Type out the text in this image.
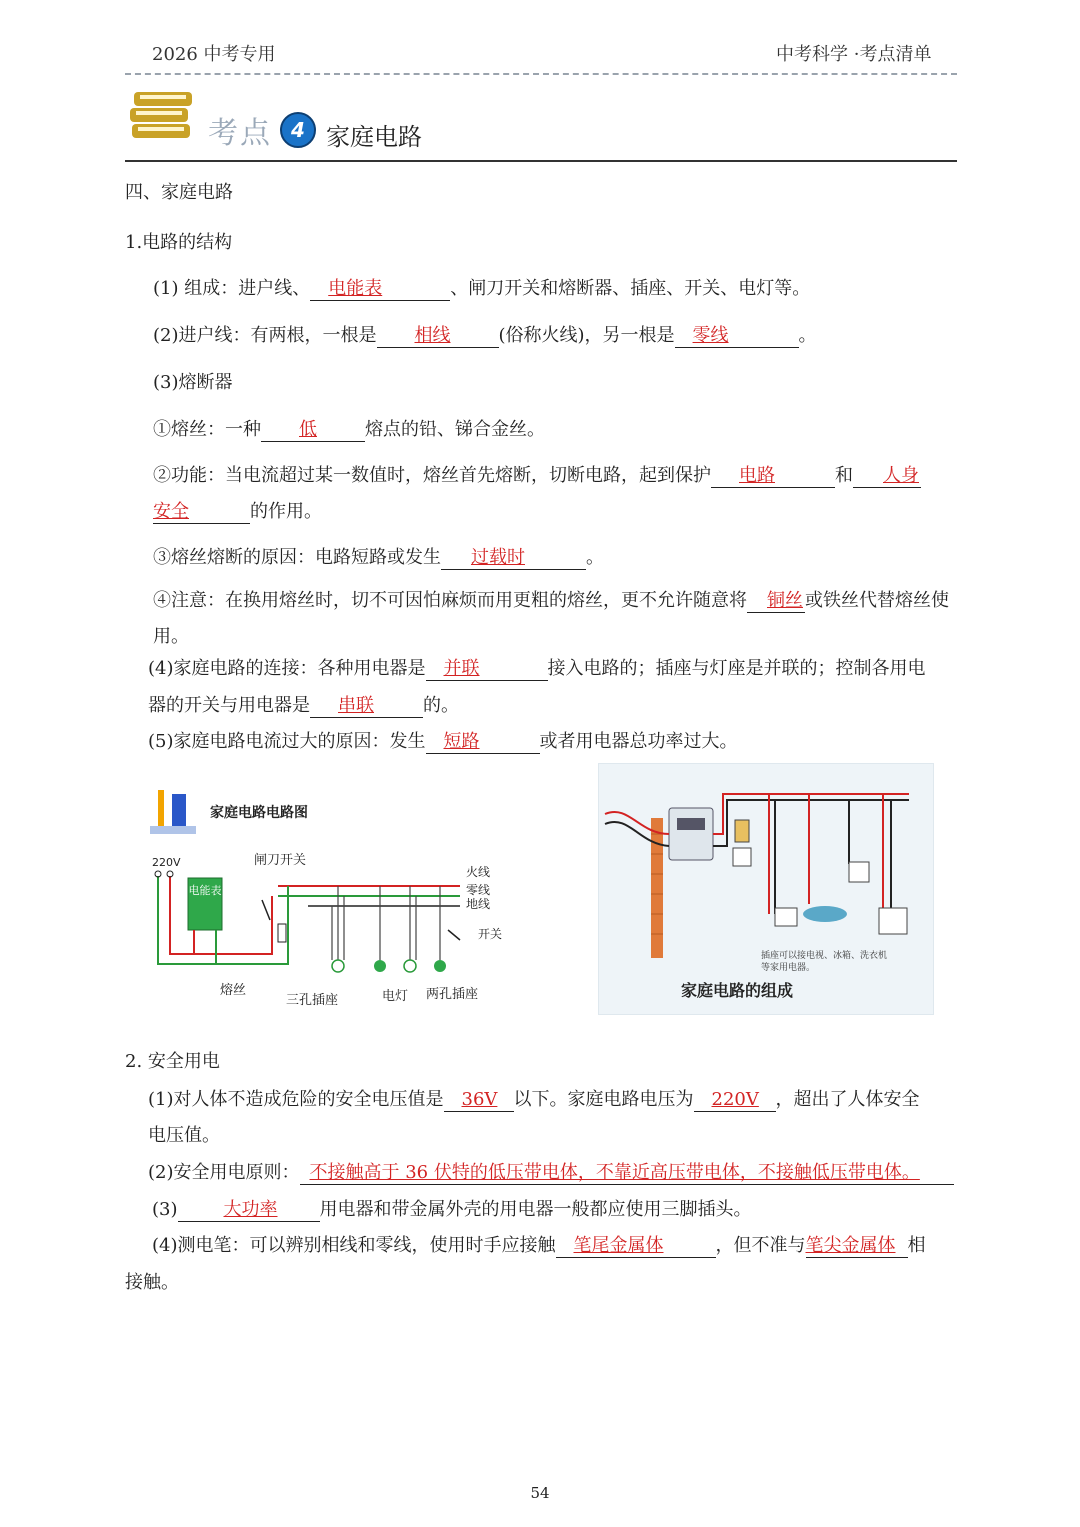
2026 中考专用	中考科学 ·考点清单
考点 4 家庭电路
四、家庭电路
1.电路的结构
(1) 组成：进户线、 电能表	、闸刀开关和熔断器、插座、开关、电灯等。
(2)进户线：有两根，一根是 相线	(俗称火线)，另一根是 零线	。
(3)熔断器
①熔丝：一种 低	熔点的铅、锑合金丝。
②功能：当电流超过某一数值时，熔丝首先熔断，切断电路，起到保护 电路	和 人身
安全	的作用。
③熔丝熔断的原因：电路短路或发生 过载时	。
④注意：在换用熔丝时，切不可因怕麻烦而用更粗的熔丝，更不允许随意将 铜丝 或铁丝代替熔丝使用。
(4)家庭电路的连接：各种用电器是 并联	接入电路的；插座与灯座是并联的；控制各用电
器的开关与用电器是 串联	的。
(5)家庭电路电流过大的原因：发生 短路	或者用电器总功率过大。
家庭电路电路图
220V	闸刀开关
火线
零线
地线
电能表
熔丝
开关
三孔插座	电灯 两孔插座
插座可以接电视、冰箱、洗衣机
等家用电器。
家庭电路的组成
2. 安全用电
(1)对人体不造成危险的安全电压值是 36V 以下。家庭电路电压为 220V ，超出了人体安全
电压值。
(2)安全用电原则： 不接触高于 36 伏特的低压带电体，不靠近高压带电体，不接触低压带电体。
(3)	大功率 用电器和带金属外壳的用电器一般都应使用三脚插头。
(4)测电笔：可以辨别相线和零线，使用时手应接触 笔尾金属体	，但不准与笔尖金属体 相
接触。
54
